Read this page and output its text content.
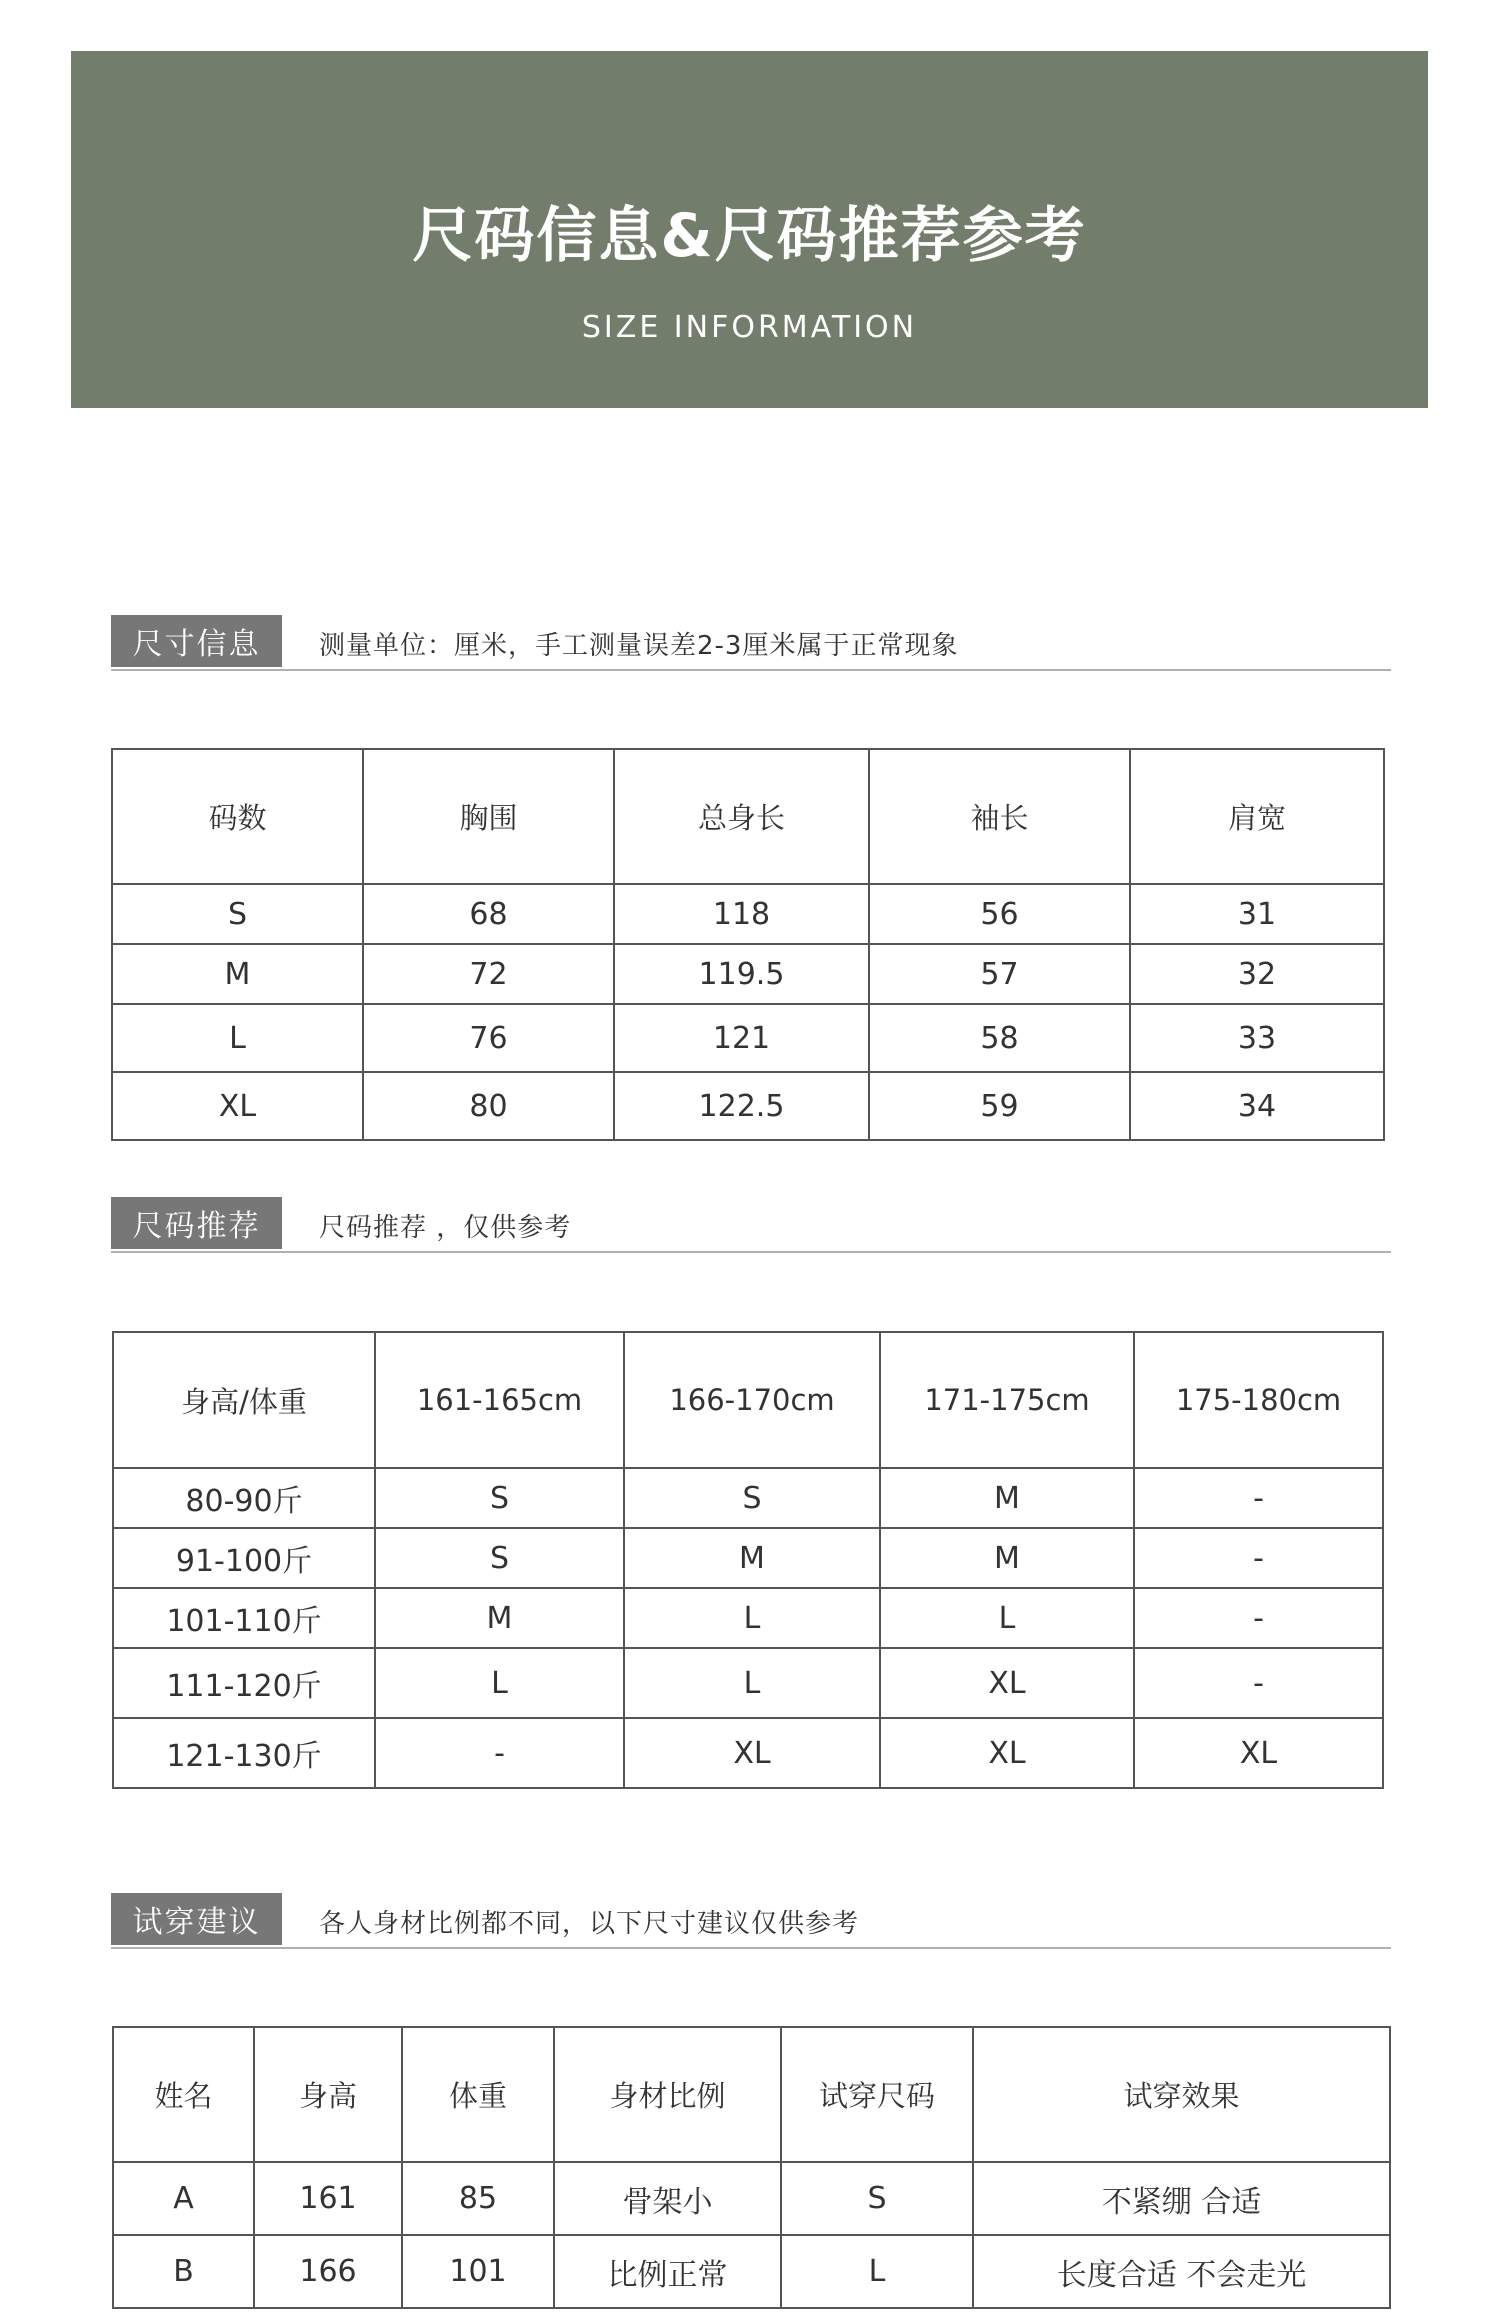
尺码信息&尺码推荐参考
SIZE INFORMATION
尺寸信息	测量单位：厘米，手工测量误差2-3厘米属于正常现象
码数	胸围	总身长	袖长	肩宽
S	68	118	56	31
M	72	119.5	57	32
L	76	121	58	33
XL	80	122.5	59	34
尺码推荐	尺码推荐 ，仅供参考
身高/体重	161-165cm	166-170cm	171-175cm	175-180cm
80-90斤	S	S	M	-
91-100斤	S	M	M	-
101-110斤	M	L	L	-
111-120斤	L	L	XL	-
121-130斤	-	XL	XL	XL
试穿建议	各人身材比例都不同，以下尺寸建议仅供参考
姓名	身高	体重	身材比例	试穿尺码	试穿效果
A	161	85	骨架小	S	不紧绷 合适
B	166	101	比例正常	L	长度合适 不会走光
